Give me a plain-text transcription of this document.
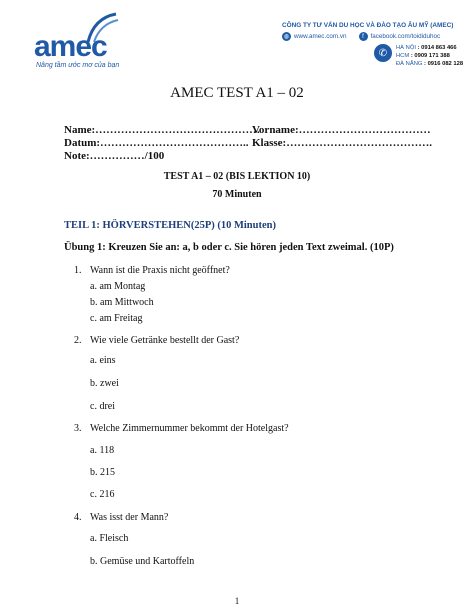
amec
Nâng tầm ước mơ của bạn
CÔNG TY TƯ VẤN DU HỌC VÀ ĐÀO TẠO ÂU MỸ (AMEC)
◍ www.amec.com.vn	f	facebook.com/toididuhoc
✆	HÀ NỘI : 0914 863 466
HCM : 0909 171 388
ĐÀ NẴNG : 0916 082 128
AMEC TEST A1 – 02
Name:………………………………………
Vorname:………………………………
Datum:………………………………….. Klasse:………………………………….
Note:……………/100
TEST A1 – 02 (BIS LEKTION 10)
70 Minuten
TEIL 1: HÖRVERSTEHEN(25P) (10 Minuten)
Übung 1: Kreuzen Sie an: a, b oder c. Sie hören jeden Text zweimal. (10P)
1. Wann ist die Praxis nicht geöffnet?
a. am Montag
b. am Mittwoch
c. am Freitag
2. Wie viele Getränke bestellt der Gast?
a. eins
b. zwei
c. drei
3. Welche Zimmernummer bekommt der Hotelgast?
a. 118
b. 215
c. 216
4. Was isst der Mann?
a. Fleisch
b. Gemüse und Kartoffeln
1
